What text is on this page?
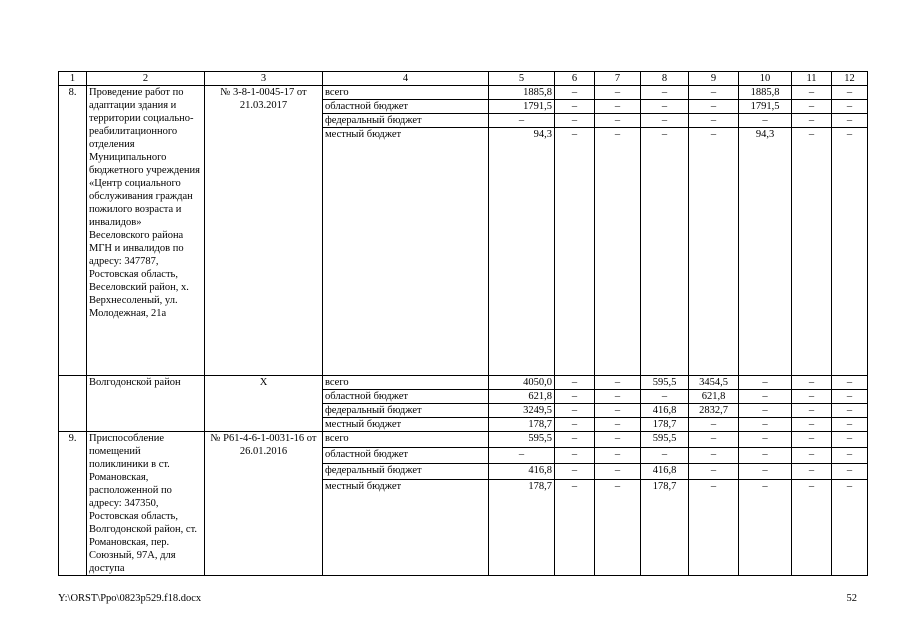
1	2	3	4	5	6	7	8	9	10	11	12
8.	Проведение работ по адаптации здания и территории социально-реабилитационного отделения Муниципального бюджетного учреждения «Центр социального обслуживания граждан пожилого возраста и инвалидов» Веселовского района МГН и инвалидов по адресу: 347787, Ростовская область, Веселовский район, х. Верхнесоленый, ул. Молодежная, 21а	№ 3-8-1-0045-17 от 21.03.2017	всего	1885,8	–	–	–	–	1885,8	–	–
			областной бюджет	1791,5	–	–	–	–	1791,5	–	–
			федеральный бюджет	–	–	–	–	–	–	–	–
			местный бюджет	94,3	–	–	–	–	94,3	–	–
	Волгодонской район	Х	всего	4050,0	–	–	595,5	3454,5	–	–	–
			областной бюджет	621,8	–	–	–	621,8	–	–	–
			федеральный бюджет	3249,5	–	–	416,8	2832,7	–	–	–
			местный бюджет	178,7	–	–	178,7	–	–	–	–
9.	Приспособление помещений поликлиники в ст. Романовская, расположенной по адресу: 347350, Ростовская область, Волгодонской район, ст. Романовская, пер. Союзный, 97А, для доступа	№ Р61-4-6-1-0031-16 от 26.01.2016	всего	595,5	–	–	595,5	–	–	–	–
			областной бюджет	–	–	–	–	–	–	–	–
			федеральный бюджет	416,8	–	–	416,8	–	–	–	–
			местный бюджет	178,7	–	–	178,7	–	–	–	–
Y:\ORST\Ppo\0823p529.f18.docx	52
